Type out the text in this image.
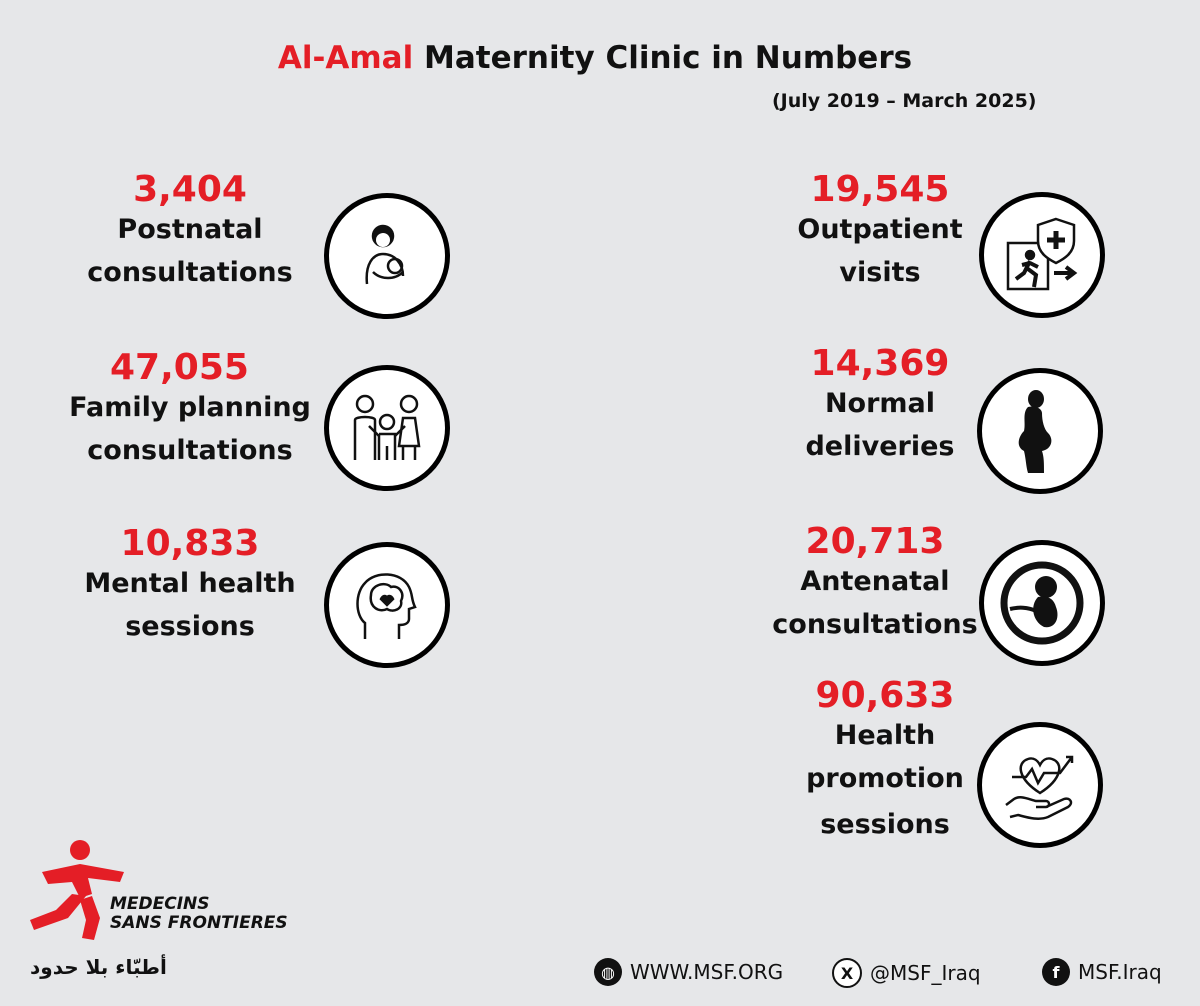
Al-Amal Maternity Clinic in Numbers
(July 2019 – March 2025)
3,404
Postnatal
consultations
47,055
Family planning
consultations
10,833
Mental health
sessions
19,545
Outpatient
visits
14,369
Normal
deliveries
20,713
Antenatal
consultations
90,633
Health
promotion
sessions
MEDECINS
SANS FRONTIERES
أطبّاء بلا حدود	◍ WWW.MSF.ORG	X @MSF_Iraq	f MSF.Iraq
